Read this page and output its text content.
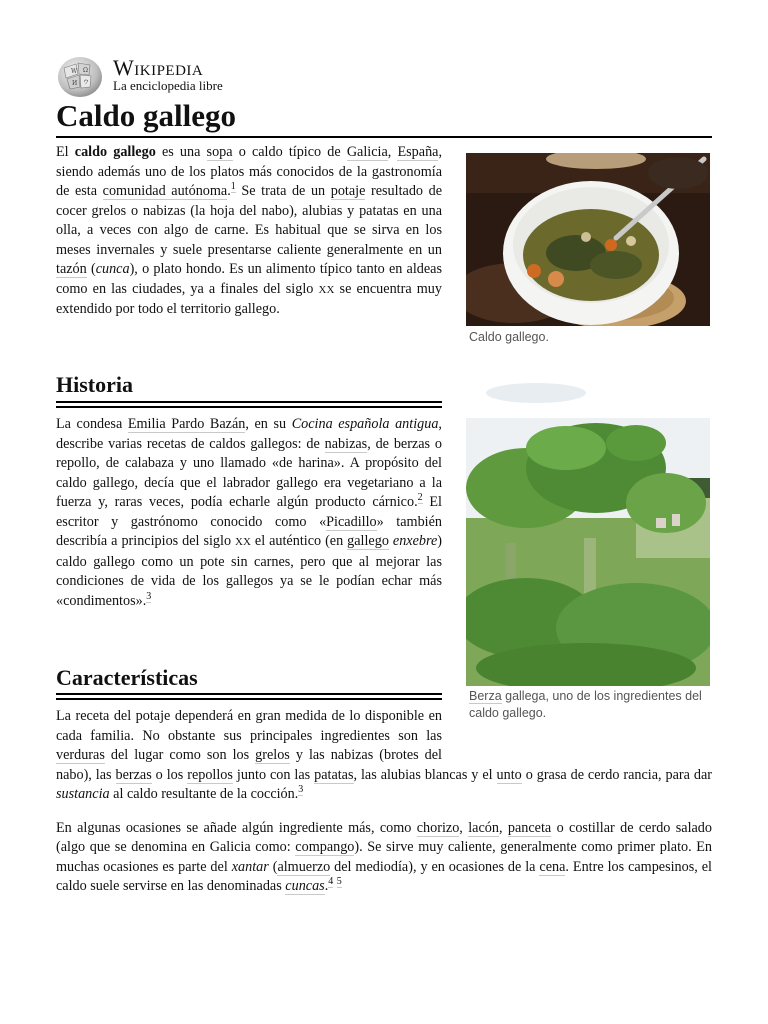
W Ω
И ウ
Wikipedia
La enciclopedia libre
Caldo gallego

Caldo gallego.

El caldo gallego es una sopa o caldo típico de Galicia, España, siendo además uno de los platos más conocidos de la gastronomía de esta comunidad autónoma.$^1$ Se trata de un potaje resultado de cocer grelos o nabizas (la hoja del nabo), alubias y patatas en una olla, a veces con algo de carne. Es habitual que se sirva en los meses invernales y suele presentarse caliente generalmente en un tazón (cunca), o plato hondo. Es un alimento típico tanto en aldeas como en las ciudades, ya a finales del siglo XX se encuentra muy extendido por todo el territorio gallego.

Historia

Berza gallega, uno de los ingredientes del caldo gallego.

La condesa Emilia Pardo Bazán, en su Cocina española antigua, describe varias recetas de caldos gallegos: de nabizas, de berzas o repollo, de calabaza y uno llamado «de harina». A propósito del caldo gallego, decía que el labrador gallego era vegetariano a la fuerza y, raras veces, podía echarle algún producto cárnico.$^2$ El escritor y gastrónomo conocido como «Picadillo» también describía a principios del siglo XX el auténtico (en gallego enxebre) caldo gallego como un pote sin carnes, pero que al mejorar las condiciones de vida de los gallegos ya se le podían echar más «condimentos».$^3$

Características

La receta del potaje dependerá en gran medida de lo disponible en cada familia. No obstante sus principales ingredientes son las verduras del lugar como son los grelos y las nabizas (brotes del nabo), las berzas o los repollos junto con las patatas, las alubias blancas y el unto o grasa de cerdo rancia, para dar sustancia al caldo resultante de la cocción.$^3$

En algunas ocasiones se añade algún ingrediente más, como chorizo, lacón, panceta o costillar de cerdo salado (algo que se denomina en Galicia como: compango). Se sirve muy caliente, generalmente como primer plato. En muchas ocasiones es parte del xantar (almuerzo del mediodía), y en ocasiones de la cena. Entre los campesinos, el caldo suele servirse en las denominadas cuncas.$^4$ $^5$
